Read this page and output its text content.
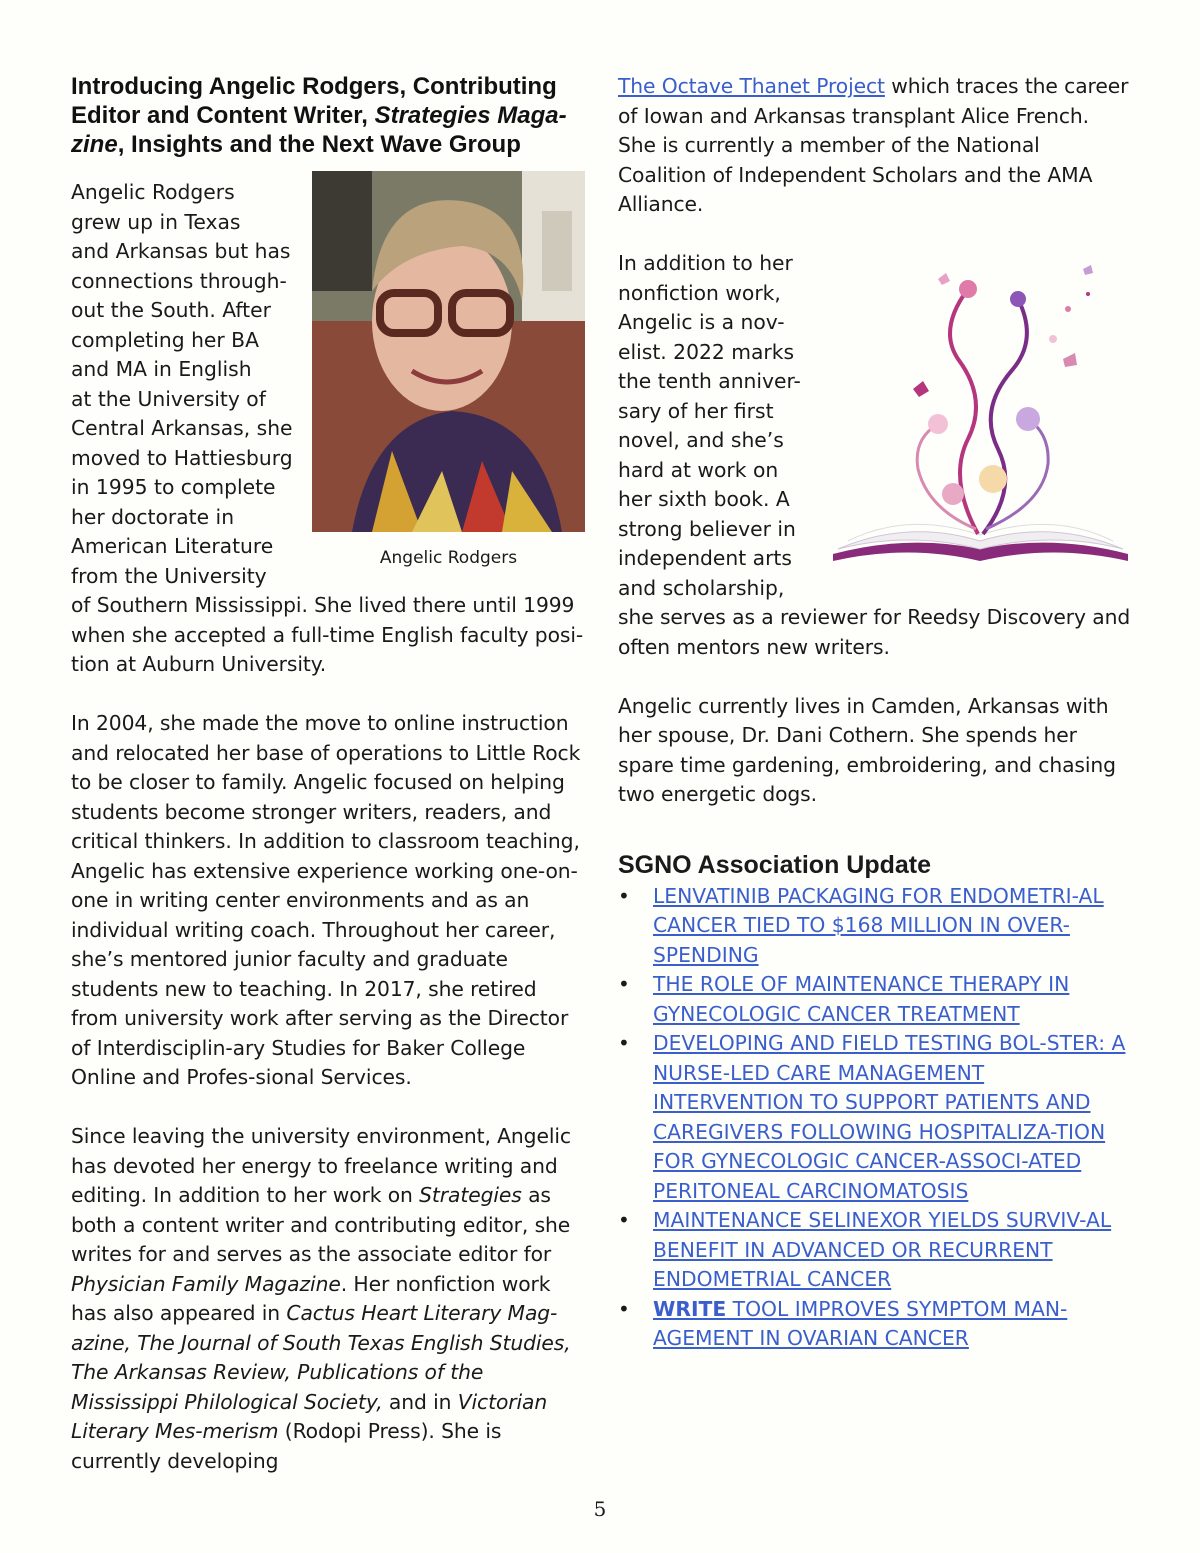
Introducing Angelic Rodgers, Contributing Editor and Content Writer, Strategies Maga-zine, Insights and the Next Wave Group
Angelic Rodgers
grew up in Texas
and Arkansas but has
connections through-
out the South. After
completing her BA
and MA in English
at the University of
Central Arkansas, she
moved to Hattiesburg
in 1995 to complete
her doctorate in
American Literature
from the University
Angelic Rodgers

of Southern Mississippi. She lived there until 1999 when she accepted a full-time English faculty posi-tion at Auburn University.

In 2004, she made the move to online instruction and relocated her base of operations to Little Rock to be closer to family. Angelic focused on helping students become stronger writers, readers, and critical thinkers. In addition to classroom teaching, Angelic has extensive experience working one-on-one in writing center environments and as an individual writing coach. Throughout her career, she’s mentored junior faculty and graduate students new to teaching. In 2017, she retired from university work after serving as the Director of Interdisciplin-ary Studies for Baker College Online and Profes-sional Services.

Since leaving the university environment, Angelic has devoted her energy to freelance writing and editing. In addition to her work on Strategies as both a content writer and contributing editor, she writes for and serves as the associate editor for Physician Family Magazine. Her nonfiction work has also appeared in Cactus Heart Literary Mag-azine, The Journal of South Texas English Studies, The Arkansas Review, Publications of the Mississippi Philological Society, and in Victorian Literary Mes-merism (Rodopi Press). She is currently developing

The Octave Thanet Project which traces the career of Iowan and Arkansas transplant Alice French. She is currently a member of the National Coalition of Independent Scholars and the AMA Alliance.

In addition to her
nonfiction work,
Angelic is a nov-
elist. 2022 marks
the tenth anniver-
sary of her first
novel, and she’s
hard at work on
her sixth book. A
strong believer in
independent arts
and scholarship,

she serves as a reviewer for Reedsy Discovery and often mentors new writers.

Angelic currently lives in Camden, Arkansas with her spouse, Dr. Dani Cothern. She spends her spare time gardening, embroidering, and chasing two energetic dogs.

SGNO Association Update
• LENVATINIB PACKAGING FOR ENDOMETRI-AL CANCER TIED TO $168 MILLION IN OVER-SPENDING
• THE ROLE OF MAINTENANCE THERAPY IN GYNECOLOGIC CANCER TREATMENT
• DEVELOPING AND FIELD TESTING BOL-STER: A NURSE-LED CARE MANAGEMENT INTERVENTION TO SUPPORT PATIENTS AND CAREGIVERS FOLLOWING HOSPITALIZA-TION FOR GYNECOLOGIC CANCER-ASSOCI-ATED PERITONEAL CARCINOMATOSIS
• MAINTENANCE SELINEXOR YIELDS SURVIV-AL BENEFIT IN ADVANCED OR RECURRENT ENDOMETRIAL CANCER
• WRITE TOOL IMPROVES SYMPTOM MAN-AGEMENT IN OVARIAN CANCER
5
